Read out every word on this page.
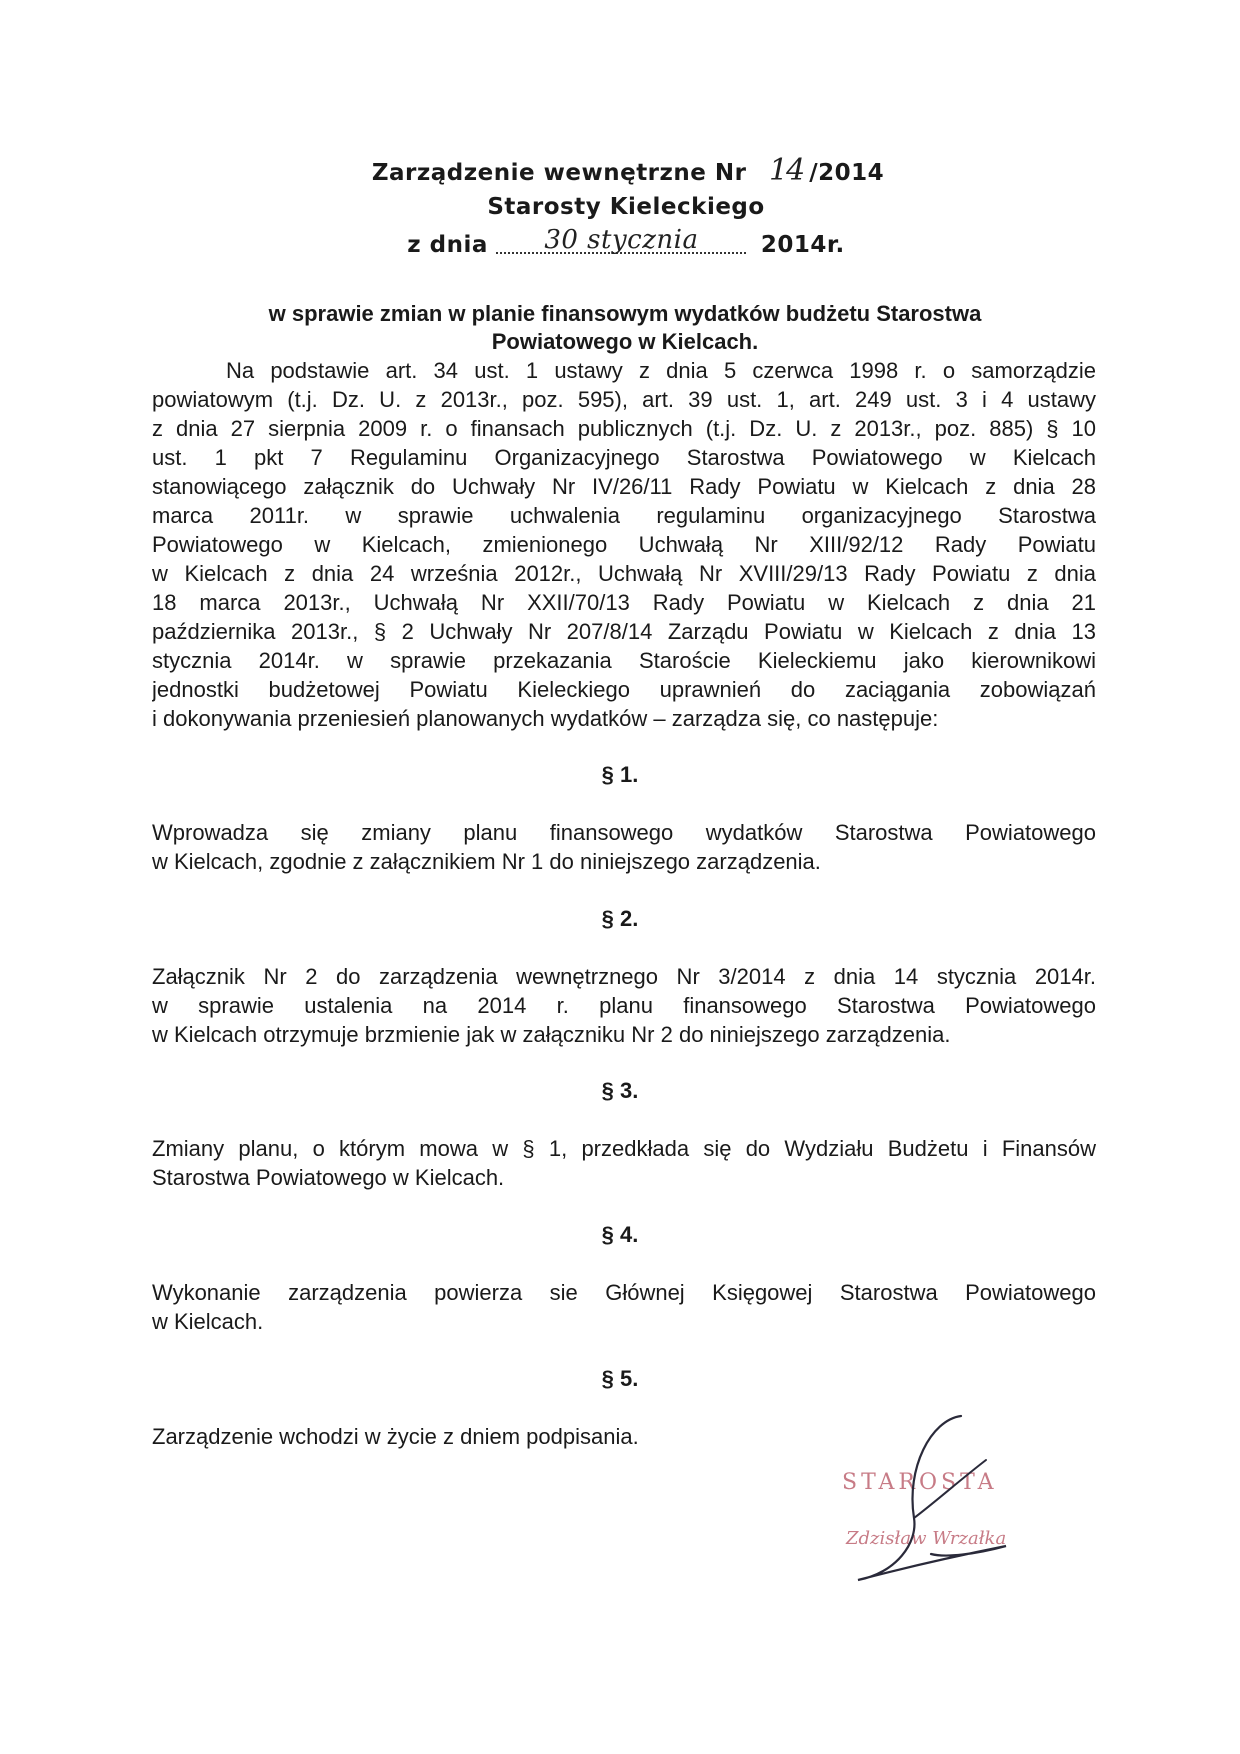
Zarządzenie wewnętrzne Nr 14 /2014
Starosty Kieleckiego
z dnia 30 stycznia	2014r.
w sprawie zmian w planie finansowym wydatków budżetu Starostwa
Powiatowego w Kielcach.
Na podstawie art. 34 ust. 1 ustawy z dnia 5 czerwca 1998 r. o samorządzie
powiatowym (t.j. Dz. U. z 2013r., poz. 595), art. 39 ust. 1, art. 249 ust. 3 i 4 ustawy
z dnia 27 sierpnia 2009 r. o finansach publicznych (t.j. Dz. U. z 2013r., poz. 885) § 10
ust. 1 pkt 7 Regulaminu Organizacyjnego Starostwa Powiatowego w Kielcach
stanowiącego załącznik do Uchwały Nr IV/26/11 Rady Powiatu w Kielcach z dnia 28
marca 2011r. w sprawie uchwalenia regulaminu organizacyjnego Starostwa
Powiatowego w Kielcach, zmienionego Uchwałą Nr XIII/92/12 Rady Powiatu
w Kielcach z dnia 24 września 2012r., Uchwałą Nr XVIII/29/13 Rady Powiatu z dnia
18 marca 2013r., Uchwałą Nr XXII/70/13 Rady Powiatu w Kielcach z dnia 21
października 2013r., § 2 Uchwały Nr 207/8/14 Zarządu Powiatu w Kielcach z dnia 13
stycznia 2014r. w sprawie przekazania Staroście Kieleckiemu jako kierownikowi
jednostki budżetowej Powiatu Kieleckiego uprawnień do zaciągania zobowiązań
i dokonywania przeniesień planowanych wydatków – zarządza się, co następuje:
§ 1.
Wprowadza się zmiany planu finansowego wydatków Starostwa Powiatowego
w Kielcach, zgodnie z załącznikiem Nr 1 do niniejszego zarządzenia.
§ 2.
Załącznik Nr 2 do zarządzenia wewnętrznego Nr 3/2014 z dnia 14 stycznia 2014r.
w sprawie ustalenia na 2014 r. planu finansowego Starostwa Powiatowego
w Kielcach otrzymuje brzmienie jak w załączniku Nr 2 do niniejszego zarządzenia.
§ 3.
Zmiany planu, o którym mowa w § 1, przedkłada się do Wydziału Budżetu i Finansów
Starostwa Powiatowego w Kielcach.
§ 4.
Wykonanie zarządzenia powierza sie Głównej Księgowej Starostwa Powiatowego
w Kielcach.
§ 5.
Zarządzenie wchodzi w życie z dniem podpisania.
STAROSTA
Zdzisław Wrzałka
